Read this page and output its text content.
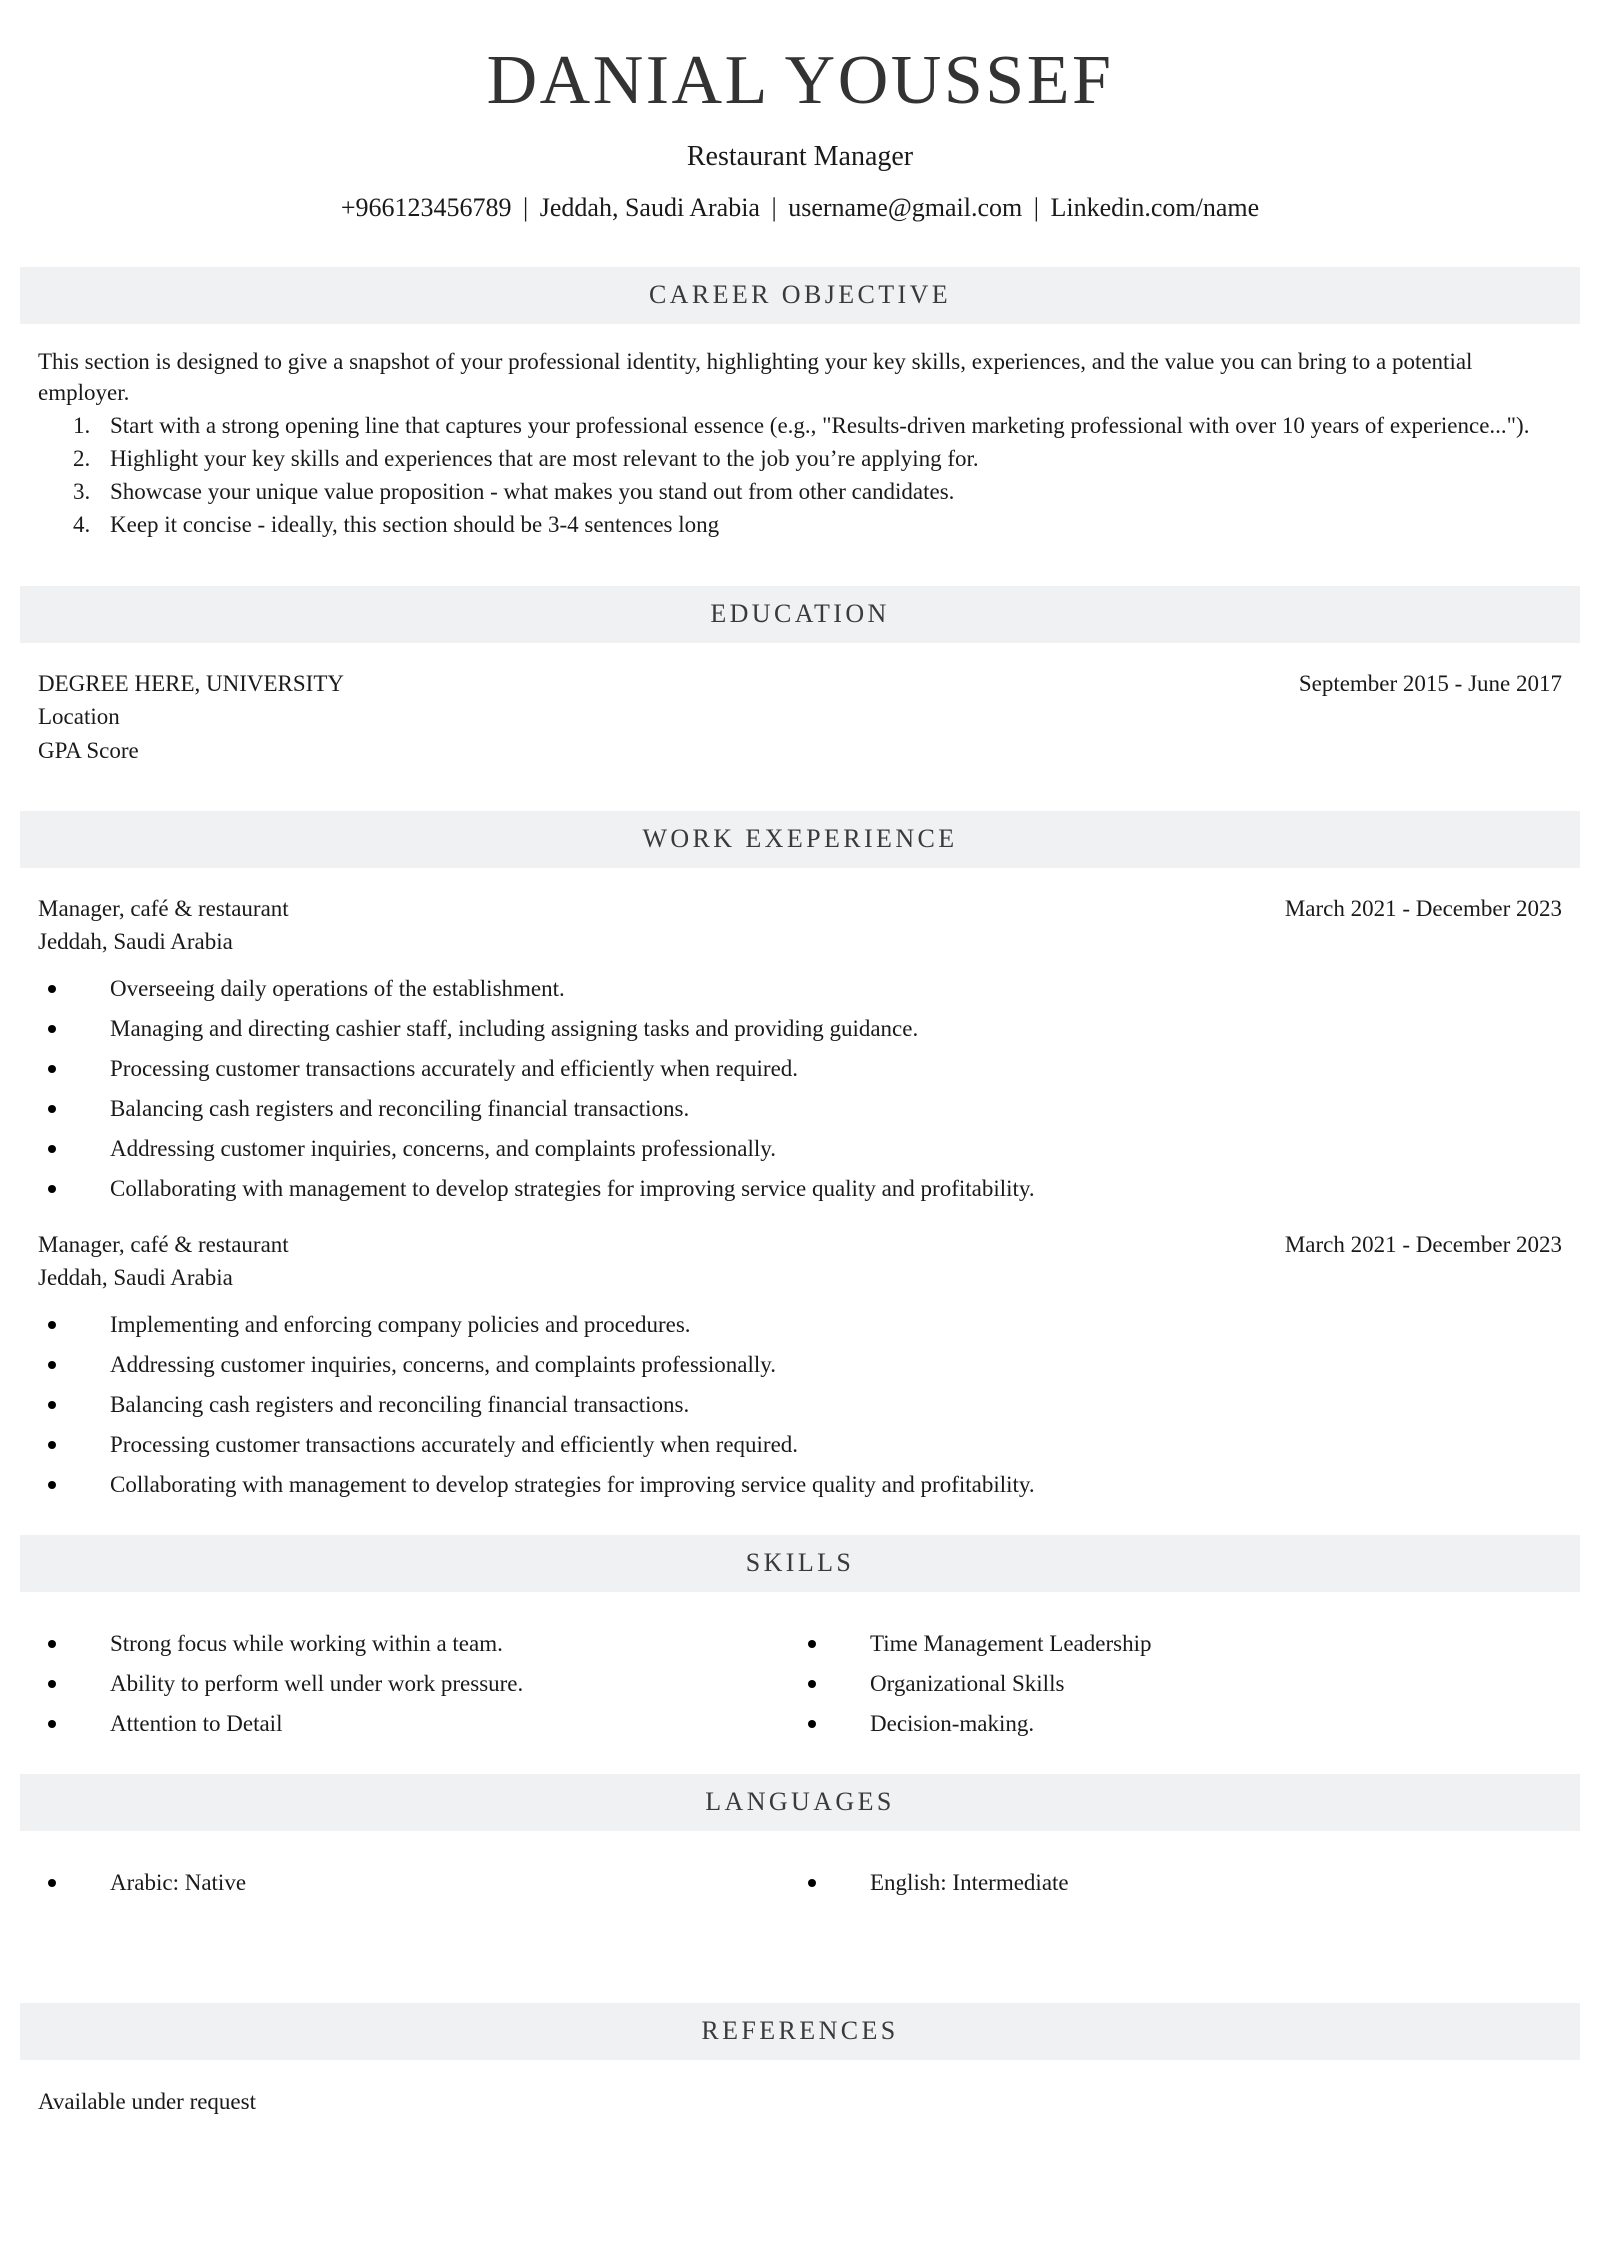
DANIAL YOUSSEF
Restaurant Manager
+966123456789 | Jeddah, Saudi Arabia | username@gmail.com | Linkedin.com/name
CAREER OBJECTIVE

This section is designed to give a snapshot of your professional identity, highlighting your key skills, experiences, and the value you can bring to a potential employer.

1. Start with a strong opening line that captures your professional essence (e.g., "Results-driven marketing professional with over 10 years of experience...").
2. Highlight your key skills and experiences that are most relevant to the job you’re applying for.
3. Showcase your unique value proposition - what makes you stand out from other candidates.
4. Keep it concise - ideally, this section should be 3-4 sentences long
EDUCATION
DEGREE HERE, UNIVERSITY	September 2015 - June 2017
Location
GPA Score
WORK EXEPERIENCE
Manager, café & restaurant	March 2021 - December 2023
Jeddah, Saudi Arabia
Overseeing daily operations of the establishment.
Managing and directing cashier staff, including assigning tasks and providing guidance.
Processing customer transactions accurately and efficiently when required.
Balancing cash registers and reconciling financial transactions.
Addressing customer inquiries, concerns, and complaints professionally.
Collaborating with management to develop strategies for improving service quality and profitability.
Manager, café & restaurant	March 2021 - December 2023
Jeddah, Saudi Arabia
Implementing and enforcing company policies and procedures.
Addressing customer inquiries, concerns, and complaints professionally.
Balancing cash registers and reconciling financial transactions.
Processing customer transactions accurately and efficiently when required.
Collaborating with management to develop strategies for improving service quality and profitability.
SKILLS
Strong focus while working within a team.
Ability to perform well under work pressure.
Attention to Detail
Time Management Leadership
Organizational Skills
Decision-making.
LANGUAGES
Arabic: Native	English: Intermediate
REFERENCES
Available under request
